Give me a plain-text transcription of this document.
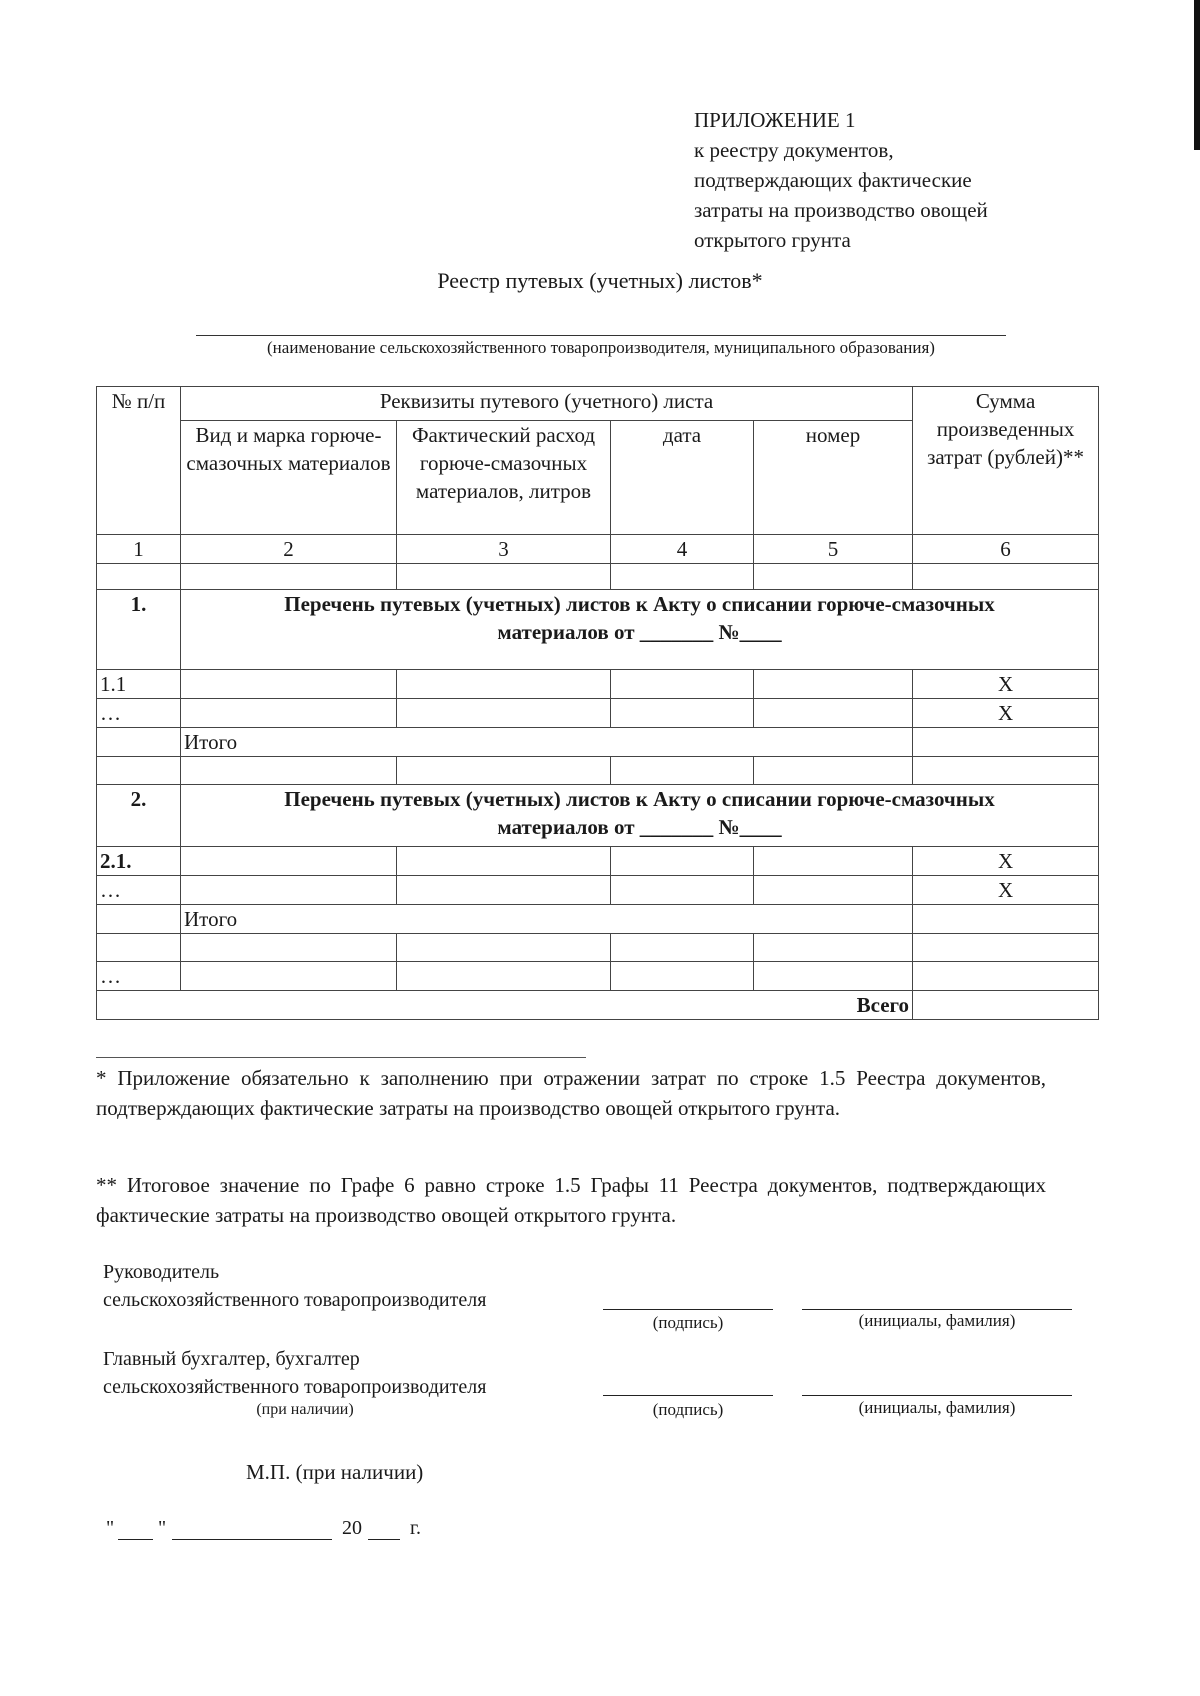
ПРИЛОЖЕНИЕ 1
к реестру документов,
подтверждающих фактические
затраты на производство овощей
открытого грунта
Реестр путевых (учетных) листов*
(наименование сельскохозяйственного товаропроизводителя, муниципального образования)
№ п/п	Реквизиты путевого (учетного) листа				Сумма произведенных затрат (рублей)**
	Вид и марка горюче-смазочных материалов	Фактический расход горюче-смазочных материалов, литров	дата	номер	
1	2	3	4	5	6

1.	Перечень путевых (учетных) листов к Акту о списании горюче-смазочных
материалов от _______ №____				

1.1					X
…					X
	Итого				

2.	Перечень путевых (учетных) листов к Акту о списании горюче-смазочных
материалов от _______ №____				

2.1.					X
…					X
	Итого				

…					
Всего					
* Приложение обязательно к заполнению при отражении затрат по строке 1.5 Реестра документов, подтверждающих фактические затраты на производство овощей открытого грунта.
** Итоговое значение по Графе 6 равно строке 1.5 Графы 11 Реестра документов, подтверждающих фактические затраты на производство овощей открытого грунта.
Руководитель
сельскохозяйственного товаропроизводителя
(подпись)	(инициалы, фамилия)
Главный бухгалтер, бухгалтер
сельскохозяйственного товаропроизводителя
(при наличии)	(подпись)	(инициалы, фамилия)
М.П. (при наличии)
" "	20 г.
